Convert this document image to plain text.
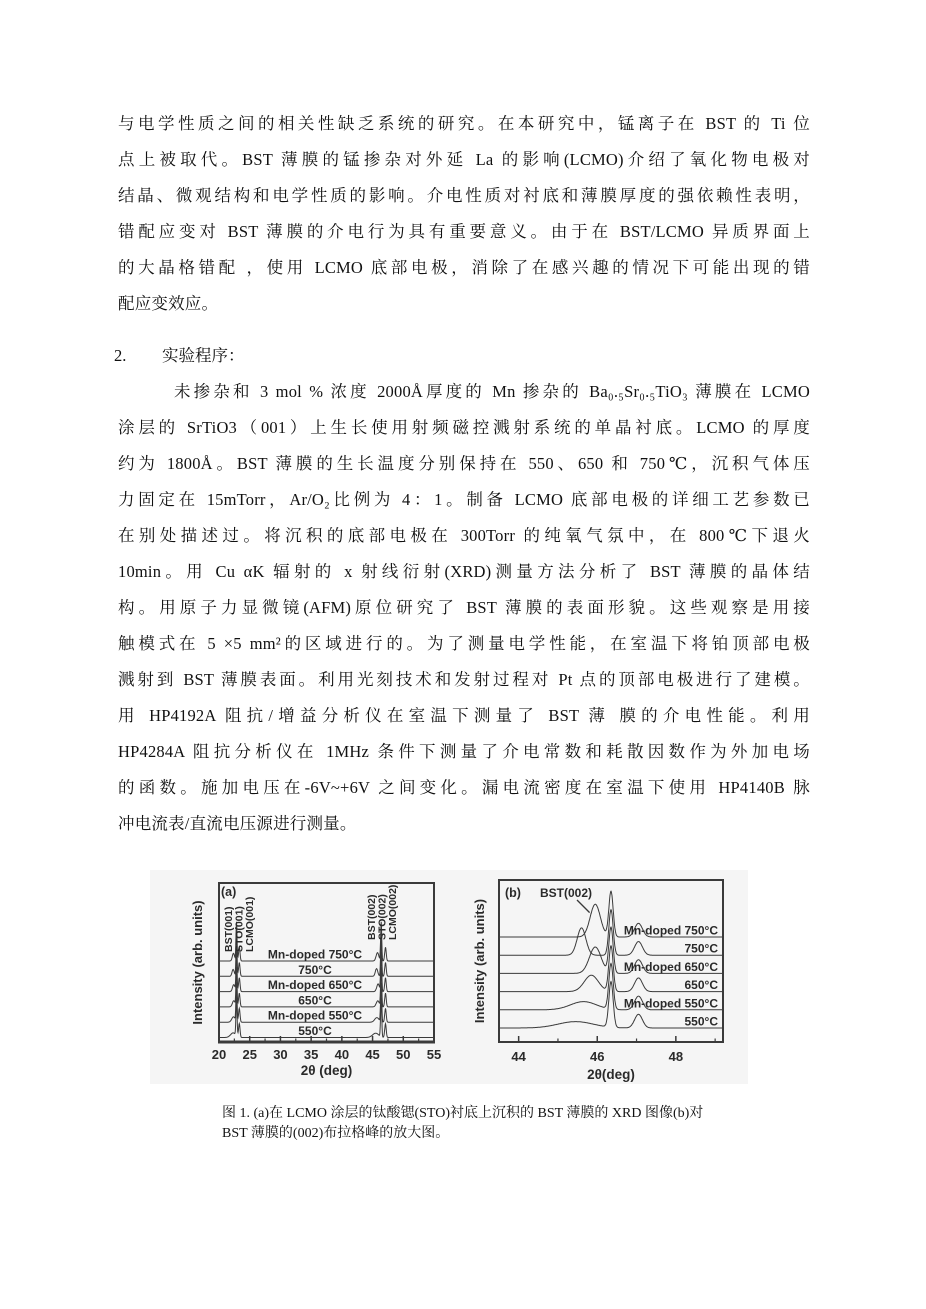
与电学性质之间的相关性缺乏系统的研究。在本研究中，锰离子在 BST 的 Ti 位
点上被取代。BST 薄膜的锰掺杂对外延 La 的影响(LCMO)介绍了氧化物电极对
结晶、微观结构和电学性质的影响。介电性质对衬底和薄膜厚度的强依赖性表明，
错配应变对 BST 薄膜的介电行为具有重要意义。由于在 BST/LCMO 异质界面上
的大晶格错配 ，使用 LCMO 底部电极，消除了在感兴趣的情况下可能出现的错
配应变效应。
2. 实验程序：
未掺杂和 3 mol % 浓度 2000Å厚度的 Mn 掺杂的 Ba₀.₅Sr₀.₅TiO₃ 薄膜在 LCMO
涂层的 SrTiO3（001）上生长使用射频磁控溅射系统的单晶衬底。LCMO 的厚度
约为 1800Å。BST 薄膜的生长温度分别保持在 550、650 和 750℃，沉积气体压
力固定在 15mTorr，Ar/O₂比例为 4：1。制备 LCMO 底部电极的详细工艺参数已
在别处描述过。将沉积的底部电极在 300Torr 的纯氧气氛中，在 800℃下退火
10min。用 Cu αK 辐射的 x 射线衍射(XRD)测量方法分析了 BST 薄膜的晶体结
构。用原子力显微镜(AFM)原位研究了 BST 薄膜的表面形貌。这些观察是用接
触模式在 5 ×5 mm²的区域进行的。为了测量电学性能，在室温下将铂顶部电极
溅射到 BST 薄膜表面。利用光刻技术和发射过程对 Pt 点的顶部电极进行了建模。
用 HP4192A 阻抗/增益分析仪在室温下测量了 BST 薄 膜的介电性能。利用
HP4284A 阻抗分析仪在 1MHz 条件下测量了介电常数和耗散因数作为外加电场
的函数。施加电压在-6V~+6V 之间变化。漏电流密度在室温下使用 HP4140B 脉
冲电流表/直流电压源进行测量。
Mn-doped 750°C
750°C
Mn-doped 650°C
650°C
Mn-doped 550°C
550°C
BST(001)
STO(001)
LCMO(001)	BST(002)
STO(002)
LCMO(002)
20 25 30 35 40 45 50 55
(a)
2θ (deg)
Intensity (arb. units)	Mn-doped 750°C
750°C
Mn-doped 650°C
650°C
Mn-doped 550°C
550°C
BST(002)
44	46	48
(b)
2θ(deg)
Intensity (arb. units)
图 1. (a)在 LCMO 涂层的钛酸锶(STO)衬底上沉积的 BST 薄膜的 XRD 图像(b)对
BST 薄膜的(002)布拉格峰的放大图。
